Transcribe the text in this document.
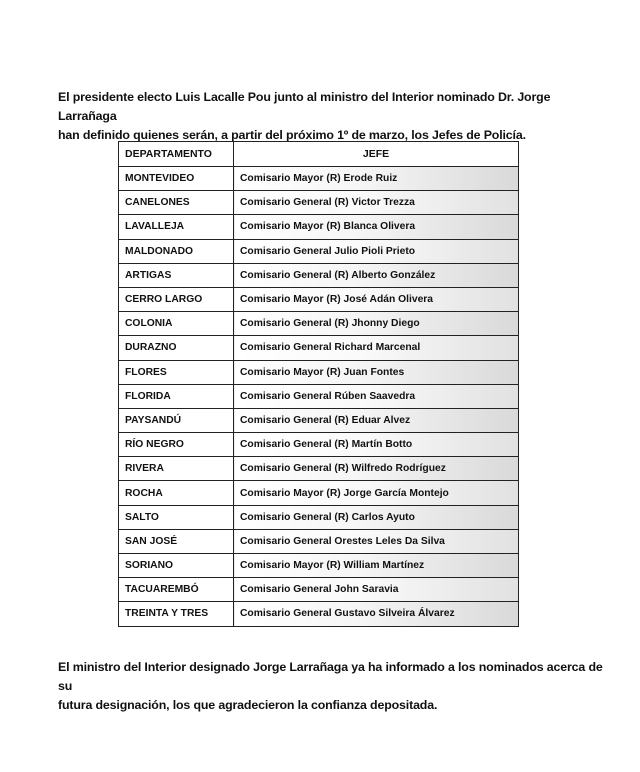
El presidente electo Luis Lacalle Pou junto al ministro del Interior nominado Dr. Jorge Larrañaga

han definido quienes serán, a partir del próximo 1º de marzo, los Jefes de Policía.

DEPARTAMENTO	JEFE
MONTEVIDEO	Comisario Mayor (R) Erode Ruiz
CANELONES	Comisario General (R) Victor Trezza
LAVALLEJA	Comisario Mayor (R) Blanca Olivera
MALDONADO	Comisario General Julio Pioli Prieto
ARTIGAS	Comisario General (R) Alberto González
CERRO LARGO	Comisario Mayor (R) José Adán Olivera
COLONIA	Comisario General (R) Jhonny Diego
DURAZNO	Comisario General Richard Marcenal
FLORES	Comisario Mayor (R) Juan Fontes
FLORIDA	Comisario General Rúben Saavedra
PAYSANDÚ	Comisario General (R) Eduar Alvez
RÍO NEGRO	Comisario General (R) Martín Botto
RIVERA	Comisario General (R) Wilfredo Rodríguez
ROCHA	Comisario Mayor (R) Jorge García Montejo
SALTO	Comisario General (R) Carlos Ayuto
SAN JOSÉ	Comisario General Orestes Leles Da Silva
SORIANO	Comisario Mayor (R) William Martínez
TACUAREMBÓ	Comisario General John Saravia
TREINTA Y TRES	Comisario General Gustavo Silveira Álvarez

El ministro del Interior designado Jorge Larrañaga ya ha informado a los nominados acerca de su

futura designación, los que agradecieron la confianza depositada.
